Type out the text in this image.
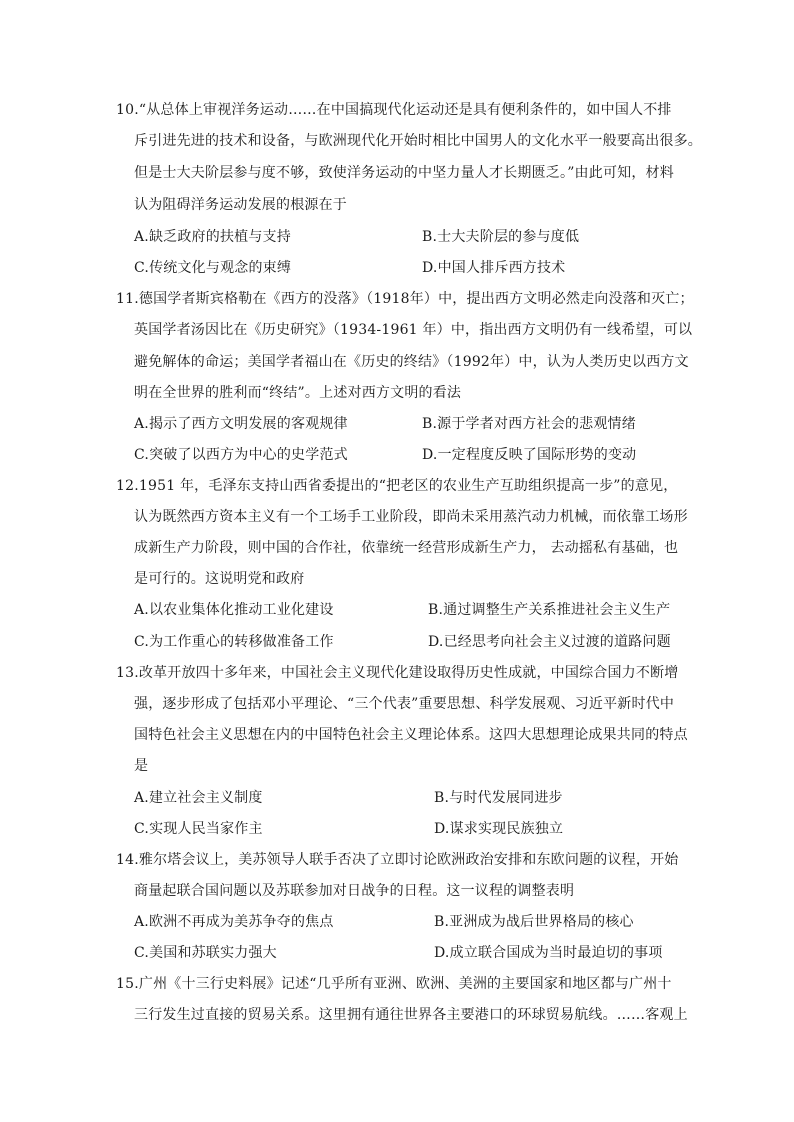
10.“从总体上审视洋务运动……在中国搞现代化运动还是具有便利条件的，如中国人不排
斥引进先进的技术和设备，与欧洲现代化开始时相比中国男人的文化水平一般要高出很多。
但是士大夫阶层参与度不够，致使洋务运动的中坚力量人才长期匮乏。”由此可知，材料
认为阻碍洋务运动发展的根源在于
A.缺乏政府的扶植与支持	B.士大夫阶层的参与度低
C.传统文化与观念的束缚	D.中国人排斥西方技术
11.德国学者斯宾格勒在《西方的没落》（1918年）中，提出西方文明必然走向没落和灭亡；
英国学者汤因比在《历史研究》（1934-1961 年）中，指出西方文明仍有一线希望，可以
避免解体的命运；美国学者福山在《历史的终结》（1992年）中，认为人类历史以西方文
明在全世界的胜利而“终结”。上述对西方文明的看法
A.揭示了西方文明发展的客观规律	B.源于学者对西方社会的悲观情绪
C.突破了以西方为中心的史学范式	D.一定程度反映了国际形势的变动
12.1951 年，毛泽东支持山西省委提出的“把老区的农业生产互助组织提高一步”的意见，
认为既然西方资本主义有一个工场手工业阶段，即尚未采用蒸汽动力机械，而依靠工场形
成新生产力阶段，则中国的合作社，依靠统一经营形成新生产力， 去动摇私有基础，也
是可行的。这说明党和政府
A.以农业集体化推动工业化建设	B.通过调整生产关系推进社会主义生产
C.为工作重心的转移做准备工作	D.已经思考向社会主义过渡的道路问题
13.改革开放四十多年来，中国社会主义现代化建设取得历史性成就，中国综合国力不断增
强，逐步形成了包括邓小平理论、“三个代表”重要思想、科学发展观、习近平新时代中
国特色社会主义思想在内的中国特色社会主义理论体系。这四大思想理论成果共同的特点
是
A.建立社会主义制度	B.与时代发展同进步
C.实现人民当家作主	D.谋求实现民族独立
14.雅尔塔会议上，美苏领导人联手否决了立即讨论欧洲政治安排和东欧问题的议程，开始
商量起联合国问题以及苏联参加对日战争的日程。这一议程的调整表明
A.欧洲不再成为美苏争夺的焦点	B.亚洲成为战后世界格局的核心
C.美国和苏联实力强大	D.成立联合国成为当时最迫切的事项
15.广州《十三行史料展》记述“几乎所有亚洲、欧洲、美洲的主要国家和地区都与广州十
三行发生过直接的贸易关系。这里拥有通往世界各主要港口的环球贸易航线。……客观上
